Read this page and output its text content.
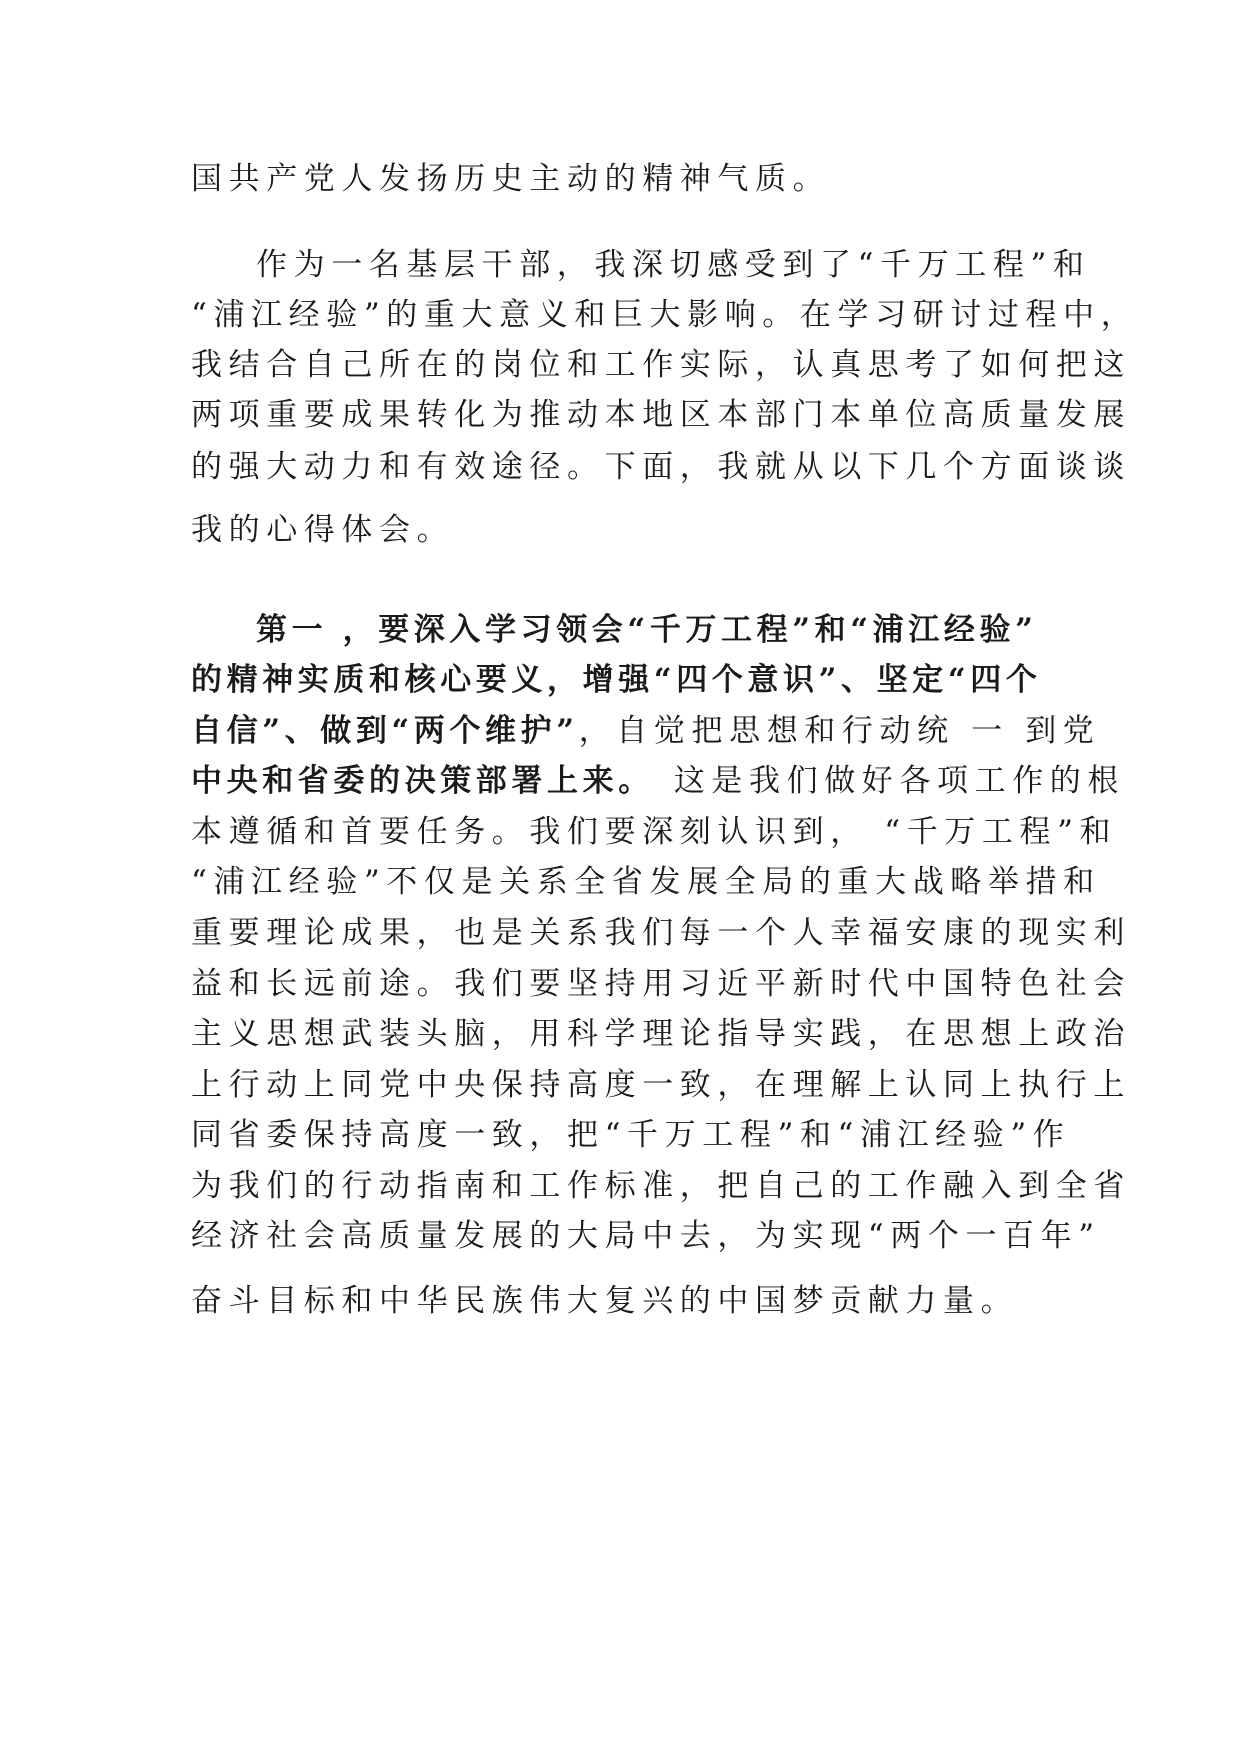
国共产党人发扬历史主动的精神气质。
作为一名基层干部，我深切感受到了“千万工程”和
“浦江经验”的重大意义和巨大影响。在学习研讨过程中，
我结合自己所在的岗位和工作实际，认真思考了如何把这
两项重要成果转化为推动本地区本部门本单位高质量发展
的强大动力和有效途径。下面，我就从以下几个方面谈谈
我的心得体会。
第一 ，要深入学习领会“千万工程”和“浦江经验”
的精神实质和核心要义，增强“四个意识”、坚定“四个
自信”、做到“两个维护”，自觉把思想和行动统 一 到党
中央和省委的决策部署上来。 这是我们做好各项工作的根
本遵循和首要任务。我们要深刻认识到， “千万工程”和
“浦江经验”不仅是关系全省发展全局的重大战略举措和
重要理论成果，也是关系我们每一个人幸福安康的现实利
益和长远前途。我们要坚持用习近平新时代中国特色社会
主义思想武装头脑，用科学理论指导实践，在思想上政治
上行动上同党中央保持高度一致，在理解上认同上执行上
同省委保持高度一致，把“千万工程”和“浦江经验”作
为我们的行动指南和工作标准，把自己的工作融入到全省
经济社会高质量发展的大局中去，为实现“两个一百年”
奋斗目标和中华民族伟大复兴的中国梦贡献力量。
